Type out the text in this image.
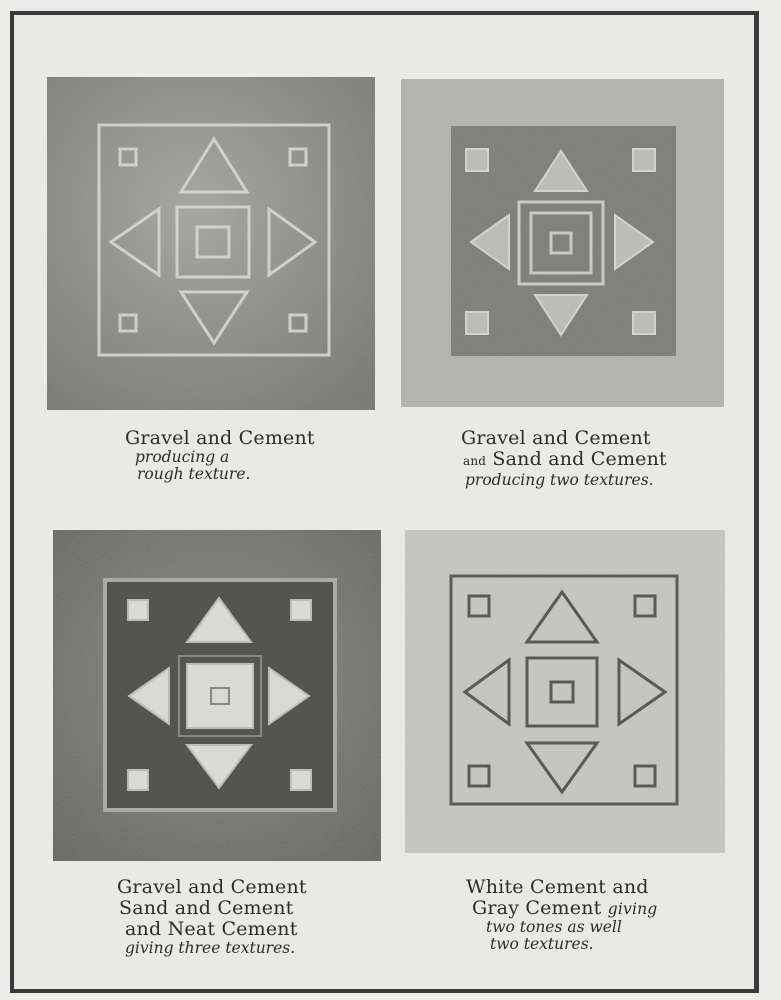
Gravel and Cement
producing a
rough texture.
Gravel and Cement
and Sand and Cement
producing two textures.
Gravel and Cement
Sand and Cement
and Neat Cement
giving three textures.
White Cement and
Gray Cement giving
two tones as well
two textures.
